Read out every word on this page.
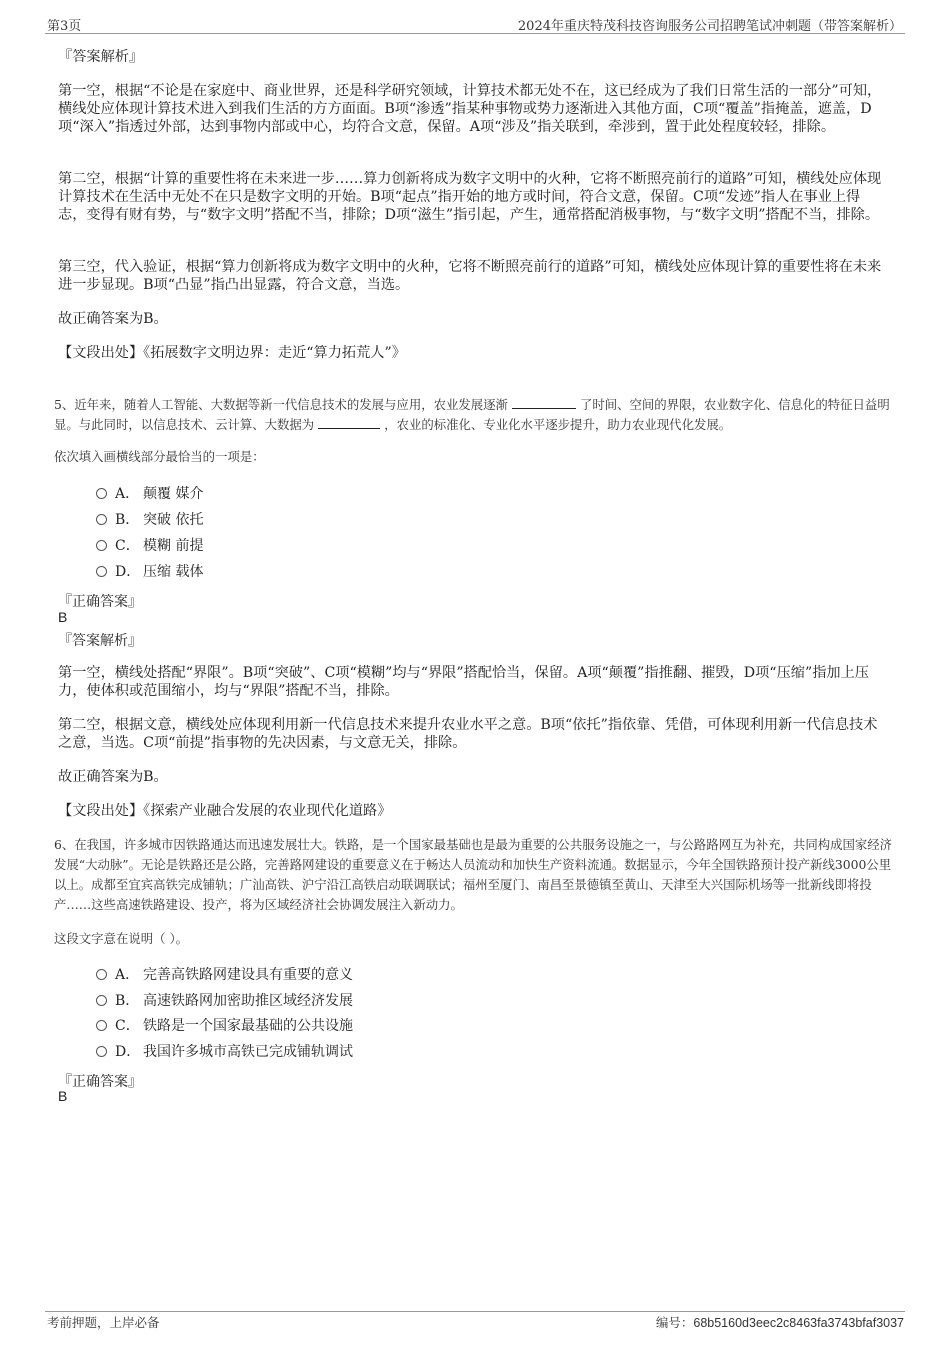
第3页	2024年重庆特茂科技咨询服务公司招聘笔试冲刺题（带答案解析）
『答案解析』
第一空，根据“不论是在家庭中、商业世界，还是科学研究领域，计算技术都无处不在，这已经成为了我们日常生活的一部分”可知，横线处应体现计算技术进入到我们生活的方方面面。B项“渗透”指某种事物或势力逐渐进入其他方面，C项“覆盖”指掩盖，遮盖，D项“深入”指透过外部，达到事物内部或中心，均符合文意，保留。A项“涉及”指关联到，牵涉到，置于此处程度较轻，排除。
第二空，根据“计算的重要性将在未来进一步……算力创新将成为数字文明中的火种，它将不断照亮前行的道路”可知，横线处应体现计算技术在生活中无处不在只是数字文明的开始。B项“起点”指开始的地方或时间，符合文意，保留。C项“发迹”指人在事业上得志，变得有财有势，与“数字文明”搭配不当，排除；D项“滋生”指引起，产生，通常搭配消极事物，与“数字文明”搭配不当，排除。
第三空，代入验证，根据“算力创新将成为数字文明中的火种，它将不断照亮前行的道路”可知，横线处应体现计算的重要性将在未来进一步显现。B项“凸显”指凸出显露，符合文意，当选。
故正确答案为B。
【文段出处】《拓展数字文明边界：走近“算力拓荒人”》
5、近年来，随着人工智能、大数据等新一代信息技术的发展与应用，农业发展逐渐	了时间、空间的界限，农业数字化、信息化的特征日益明显。与此同时，以信息技术、云计算、大数据为	，农业的标准化、专业化水平逐步提升，助力农业现代化发展。
依次填入画横线部分最恰当的一项是：
A． 颠覆 媒介
B． 突破 依托
C． 模糊 前提
D． 压缩 载体
『正确答案』
B
『答案解析』
第一空，横线处搭配“界限”。B项“突破”、C项“模糊”均与“界限”搭配恰当，保留。A项“颠覆”指推翻、摧毁，D项“压缩”指加上压力，使体积或范围缩小，均与“界限”搭配不当，排除。
第二空，根据文意，横线处应体现利用新一代信息技术来提升农业水平之意。B项“依托”指依靠、凭借，可体现利用新一代信息技术之意，当选。C项“前提”指事物的先决因素，与文意无关，排除。
故正确答案为B。
【文段出处】《探索产业融合发展的农业现代化道路》
6、在我国，许多城市因铁路通达而迅速发展壮大。铁路，是一个国家最基础也是最为重要的公共服务设施之一，与公路路网互为补充，共同构成国家经济发展“大动脉”。无论是铁路还是公路，完善路网建设的重要意义在于畅达人员流动和加快生产资料流通。数据显示，今年全国铁路预计投产新线3000公里以上。成都至宜宾高铁完成铺轨；广汕高铁、沪宁沿江高铁启动联调联试；福州至厦门、南昌至景德镇至黄山、天津至大兴国际机场等一批新线即将投产……这些高速铁路建设、投产，将为区域经济社会协调发展注入新动力。
这段文字意在说明（ ）。
A． 完善高铁路网建设具有重要的意义
B． 高速铁路网加密助推区域经济发展
C． 铁路是一个国家最基础的公共设施
D． 我国许多城市高铁已完成铺轨调试
『正确答案』
B
考前押题，上岸必备	编号：68b5160d3eec2c8463fa3743bfaf3037
